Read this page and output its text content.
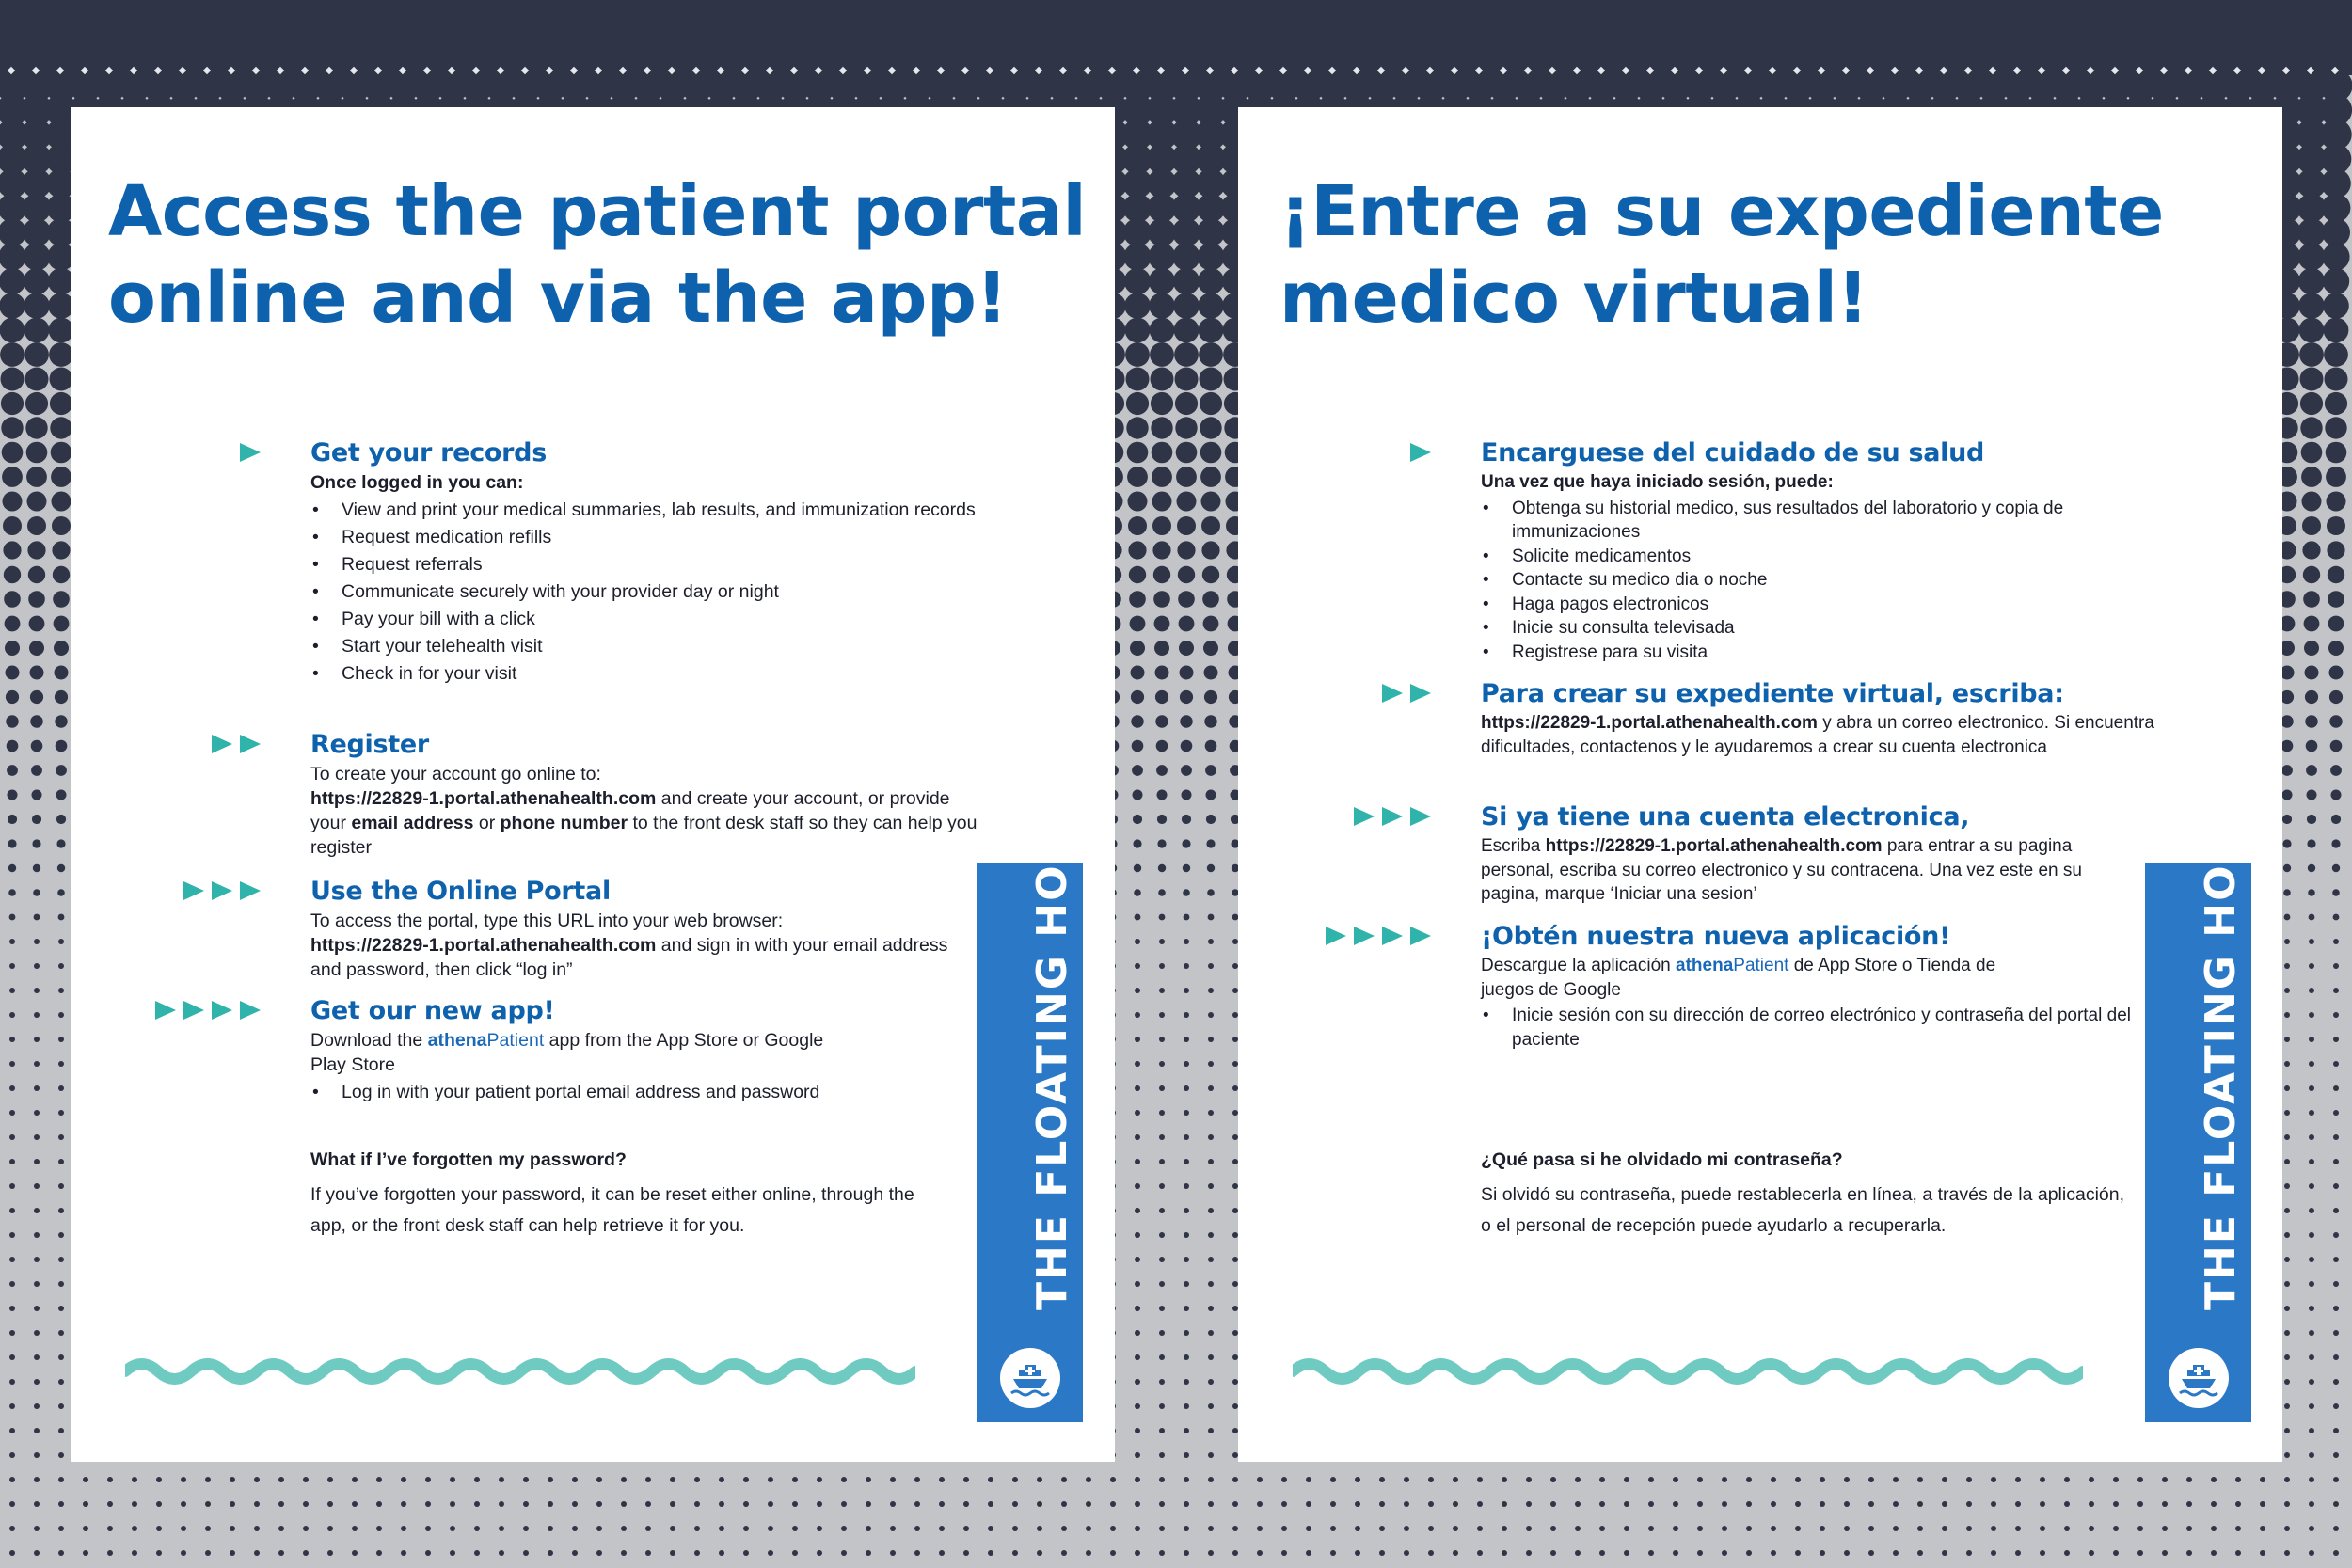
Access the patient portal
online and via the app!
Get your records
Once logged in you can:
• View and print your medical summaries, lab results, and immunization records
• Request medication refills
• Request referrals
• Communicate securely with your provider day or night
• Pay your bill with a click
• Start your telehealth visit
• Check in for your visit
Register
To create your account go online to:
https://22829-1.portal.athenahealth.com and create your account, or provide your email address or phone number to the front desk staff so they can help you register
Use the Online Portal
To access the portal, type this URL into your web browser:
https://22829-1.portal.athenahealth.com and sign in with your email address and password, then click “log in”
Get our new app!
Download the athenaPatient app from the App Store or Google Play Store
• Log in with your patient portal email address and password
What if I’ve forgotten my password?
If you’ve forgotten your password, it can be reset either online, through the app, or the front desk staff can help retrieve it for you.	THE FLOATING HOSPITAL
¡Entre a su expediente
medico virtual!
Encarguese del cuidado de su salud
Una vez que haya iniciado sesión, puede:
• Obtenga su historial medico, sus resultados del laboratorio y copia de immunizaciones
• Solicite medicamentos
• Contacte su medico dia o noche
• Haga pagos electronicos
• Inicie su consulta televisada
• Registrese para su visita
Para crear su expediente virtual, escriba:
https://22829-1.portal.athenahealth.com y abra un correo electronico. Si encuentra dificultades, contactenos y le ayudaremos a crear su cuenta electronica
Si ya tiene una cuenta electronica,
Escriba https://22829-1.portal.athenahealth.com para entrar a su pagina personal, escriba su correo electronico y su contracena. Una vez este en su pagina, marque ‘Iniciar una sesion’
¡Obtén nuestra nueva aplicación!
Descargue la aplicación athenaPatient de App Store o Tienda de juegos de Google
• Inicie sesión con su dirección de correo electrónico y contraseña del portal del paciente
¿Qué pasa si he olvidado mi contraseña?
Si olvidó su contraseña, puede restablecerla en línea, a través de la aplicación, o el personal de recepción puede ayudarlo a recuperarla.	THE FLOATING HOSPITAL
